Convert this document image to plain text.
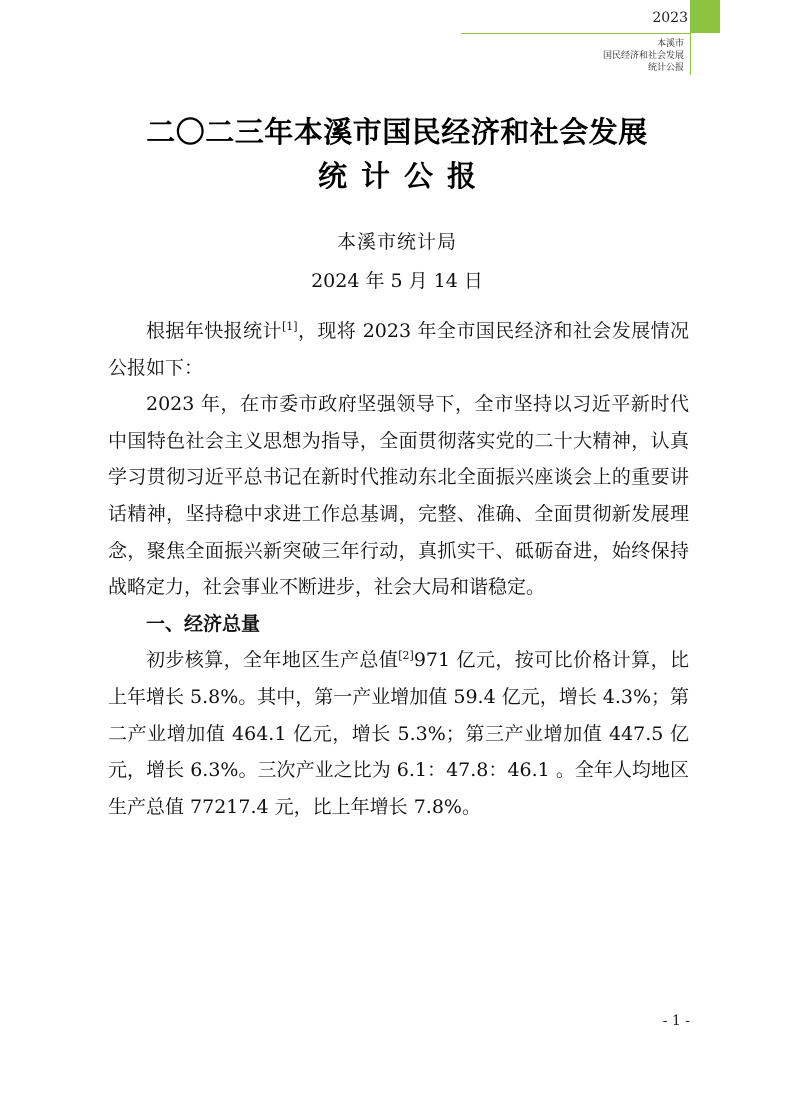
2023
本溪市
国民经济和社会发展
统计公报
二〇二三年本溪市国民经济和社会发展
统计公报
本溪市统计局
2024 年 5 月 14 日

根据年快报统计[1]，现将 2023 年全市国民经济和社会发展情况公报如下：

2023 年，在市委市政府坚强领导下，全市坚持以习近平新时代中国特色社会主义思想为指导，全面贯彻落实党的二十大精神，认真学习贯彻习近平总书记在新时代推动东北全面振兴座谈会上的重要讲话精神，坚持稳中求进工作总基调，完整、准确、全面贯彻新发展理念，聚焦全面振兴新突破三年行动，真抓实干、砥砺奋进，始终保持战略定力，社会事业不断进步，社会大局和谐稳定。

一、经济总量

初步核算，全年地区生产总值[2]971 亿元，按可比价格计算，比上年增长 5.8%。其中，第一产业增加值 59.4 亿元，增长 4.3%；第二产业增加值 464.1 亿元，增长 5.3%；第三产业增加值 447.5 亿元，增长 6.3%。三次产业之比为 6.1：47.8：46.1 。全年人均地区生产总值 77217.4 元，比上年增长 7.8%。

- 1 -
